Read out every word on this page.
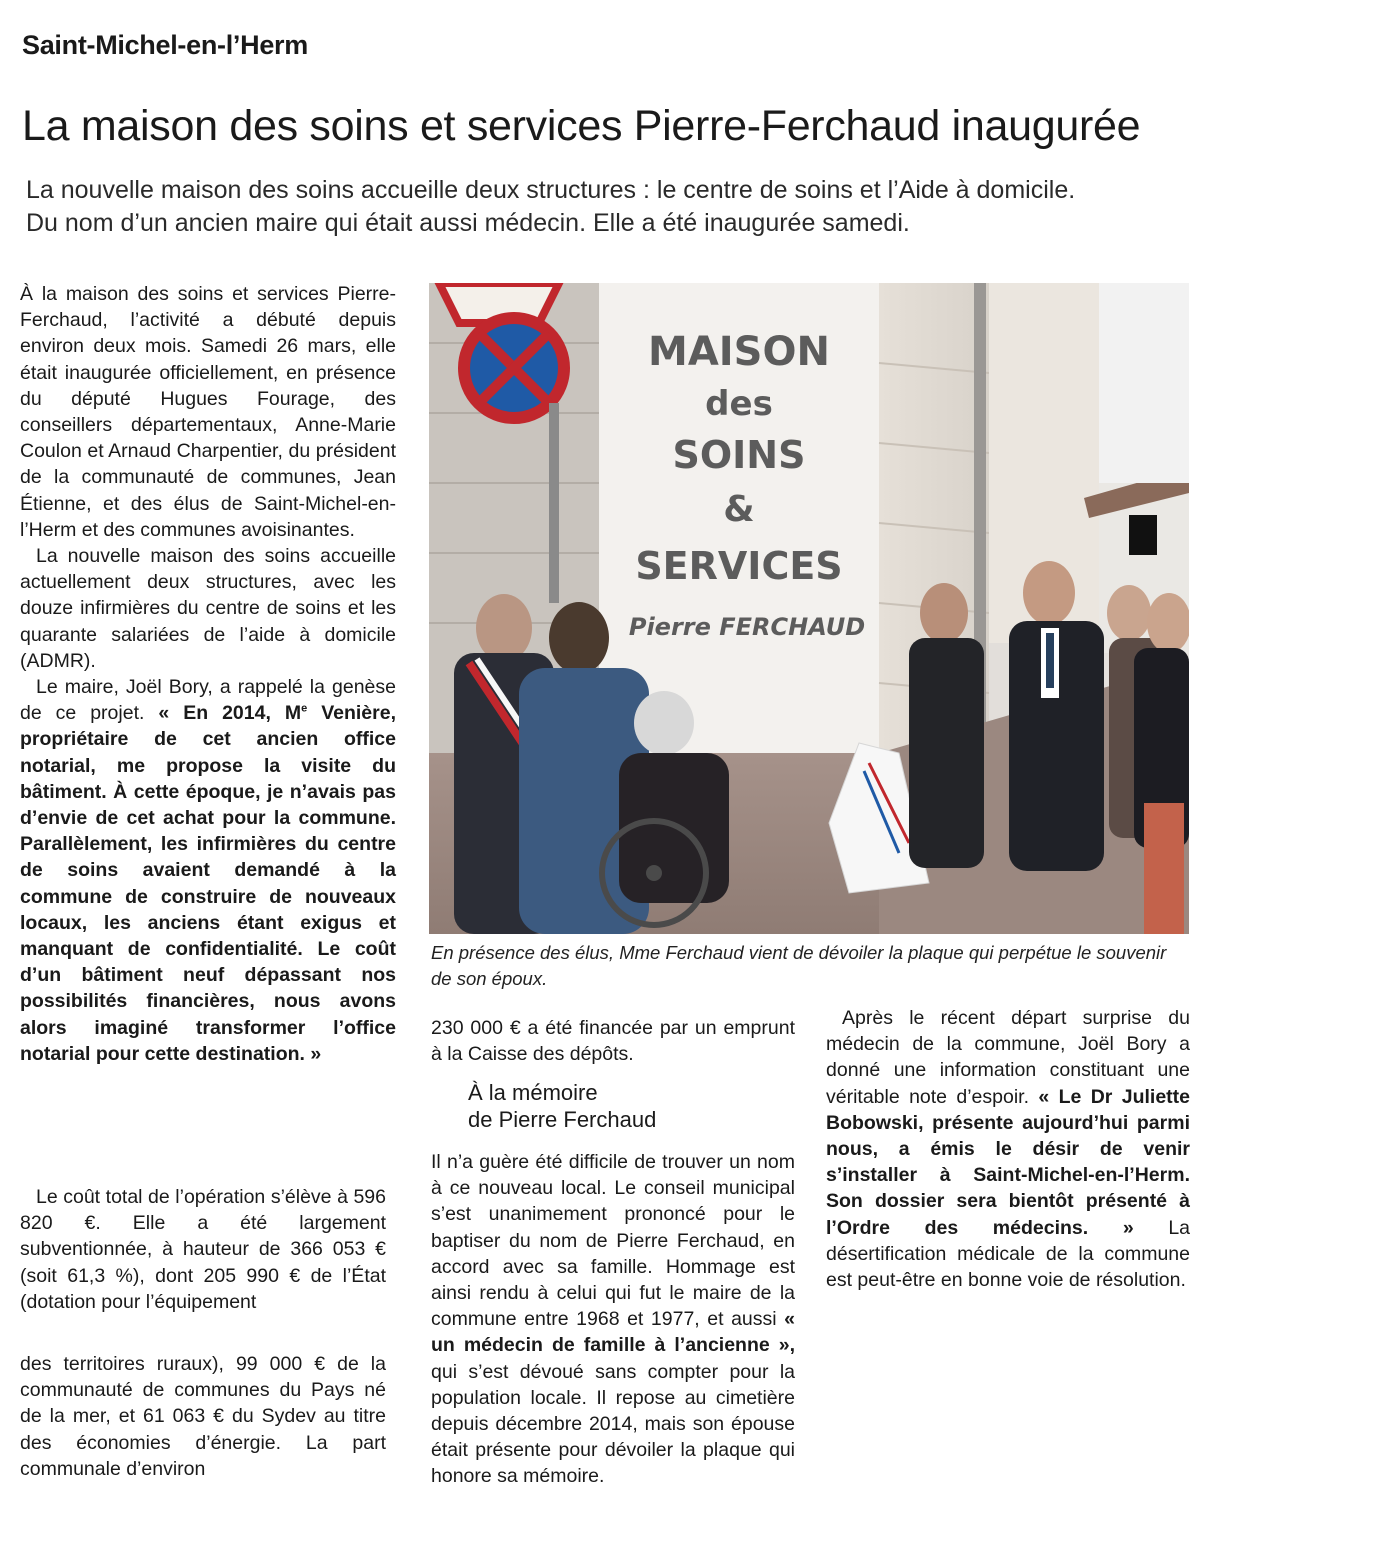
Saint-Michel-en-l’Herm
La maison des soins et services Pierre-Ferchaud inaugurée
La nouvelle maison des soins accueille deux structures : le centre de soins et l’Aide à domicile.
Du nom d’un ancien maire qui était aussi médecin. Elle a été inaugurée samedi.

À la maison des soins et services Pierre-Ferchaud, l’activité a débuté depuis environ deux mois. Samedi 26 mars, elle était inaugurée officiellement, en présence du député Hugues Fourage, des conseillers départementaux, Anne-Marie Coulon et Arnaud Charpentier, du président de la communauté de communes, Jean Étienne, et des élus de Saint-Michel-en-l’Herm et des communes avoisinantes.

La nouvelle maison des soins accueille actuellement deux structures, avec les douze infirmières du centre de soins et les quarante salariées de l’aide à domicile (ADMR).

Le maire, Joël Bory, a rappelé la genèse de ce projet. « En 2014, Me Venière, propriétaire de cet ancien office notarial, me propose la visite du bâtiment. À cette époque, je n’avais pas d’envie de cet achat pour la commune. Parallèlement, les infirmières du centre de soins avaient demandé à la commune de construire de nouveaux locaux, les anciens étant exigus et manquant de confidentialité. Le coût d’un bâtiment neuf dépassant nos possibilités financières, nous avons alors imaginé transformer l’office notarial pour cette destination. »

Le coût total de l’opération s’élève à 596 820 €. Elle a été largement subventionnée, à hauteur de 366 053 € (soit 61,3 %), dont 205 990 € de l’État (dotation pour l’équipement

des territoires ruraux), 99 000 € de la communauté de communes du Pays né de la mer, et 61 063 € du Sydev au titre des économies d’énergie. La part communale d’environ

MAISON
des
SOINS
&
SERVICES
Pierre FERCHAUD
En présence des élus, Mme Ferchaud vient de dévoiler la plaque qui perpétue le souvenir de son époux.

230 000 € a été financée par un emprunt à la Caisse des dépôts.

À la mémoire
de Pierre Ferchaud

Il n’a guère été difficile de trouver un nom à ce nouveau local. Le conseil municipal s’est unanimement prononcé pour le baptiser du nom de Pierre Ferchaud, en accord avec sa famille. Hommage est ainsi rendu à celui qui fut le maire de la commune entre 1968 et 1977, et aussi « un médecin de famille à l’ancienne », qui s’est dévoué sans compter pour la population locale. Il repose au cimetière depuis décembre 2014, mais son épouse était présente pour dévoiler la plaque qui honore sa mémoire.

Après le récent départ surprise du médecin de la commune, Joël Bory a donné une information constituant une véritable note d’espoir. « Le Dr Juliette Bobowski, présente aujourd’hui parmi nous, a émis le désir de venir s’installer à Saint-Michel-en-l’Herm. Son dossier sera bientôt présenté à l’Ordre des médecins. » La désertification médicale de la commune est peut-être en bonne voie de résolution.
